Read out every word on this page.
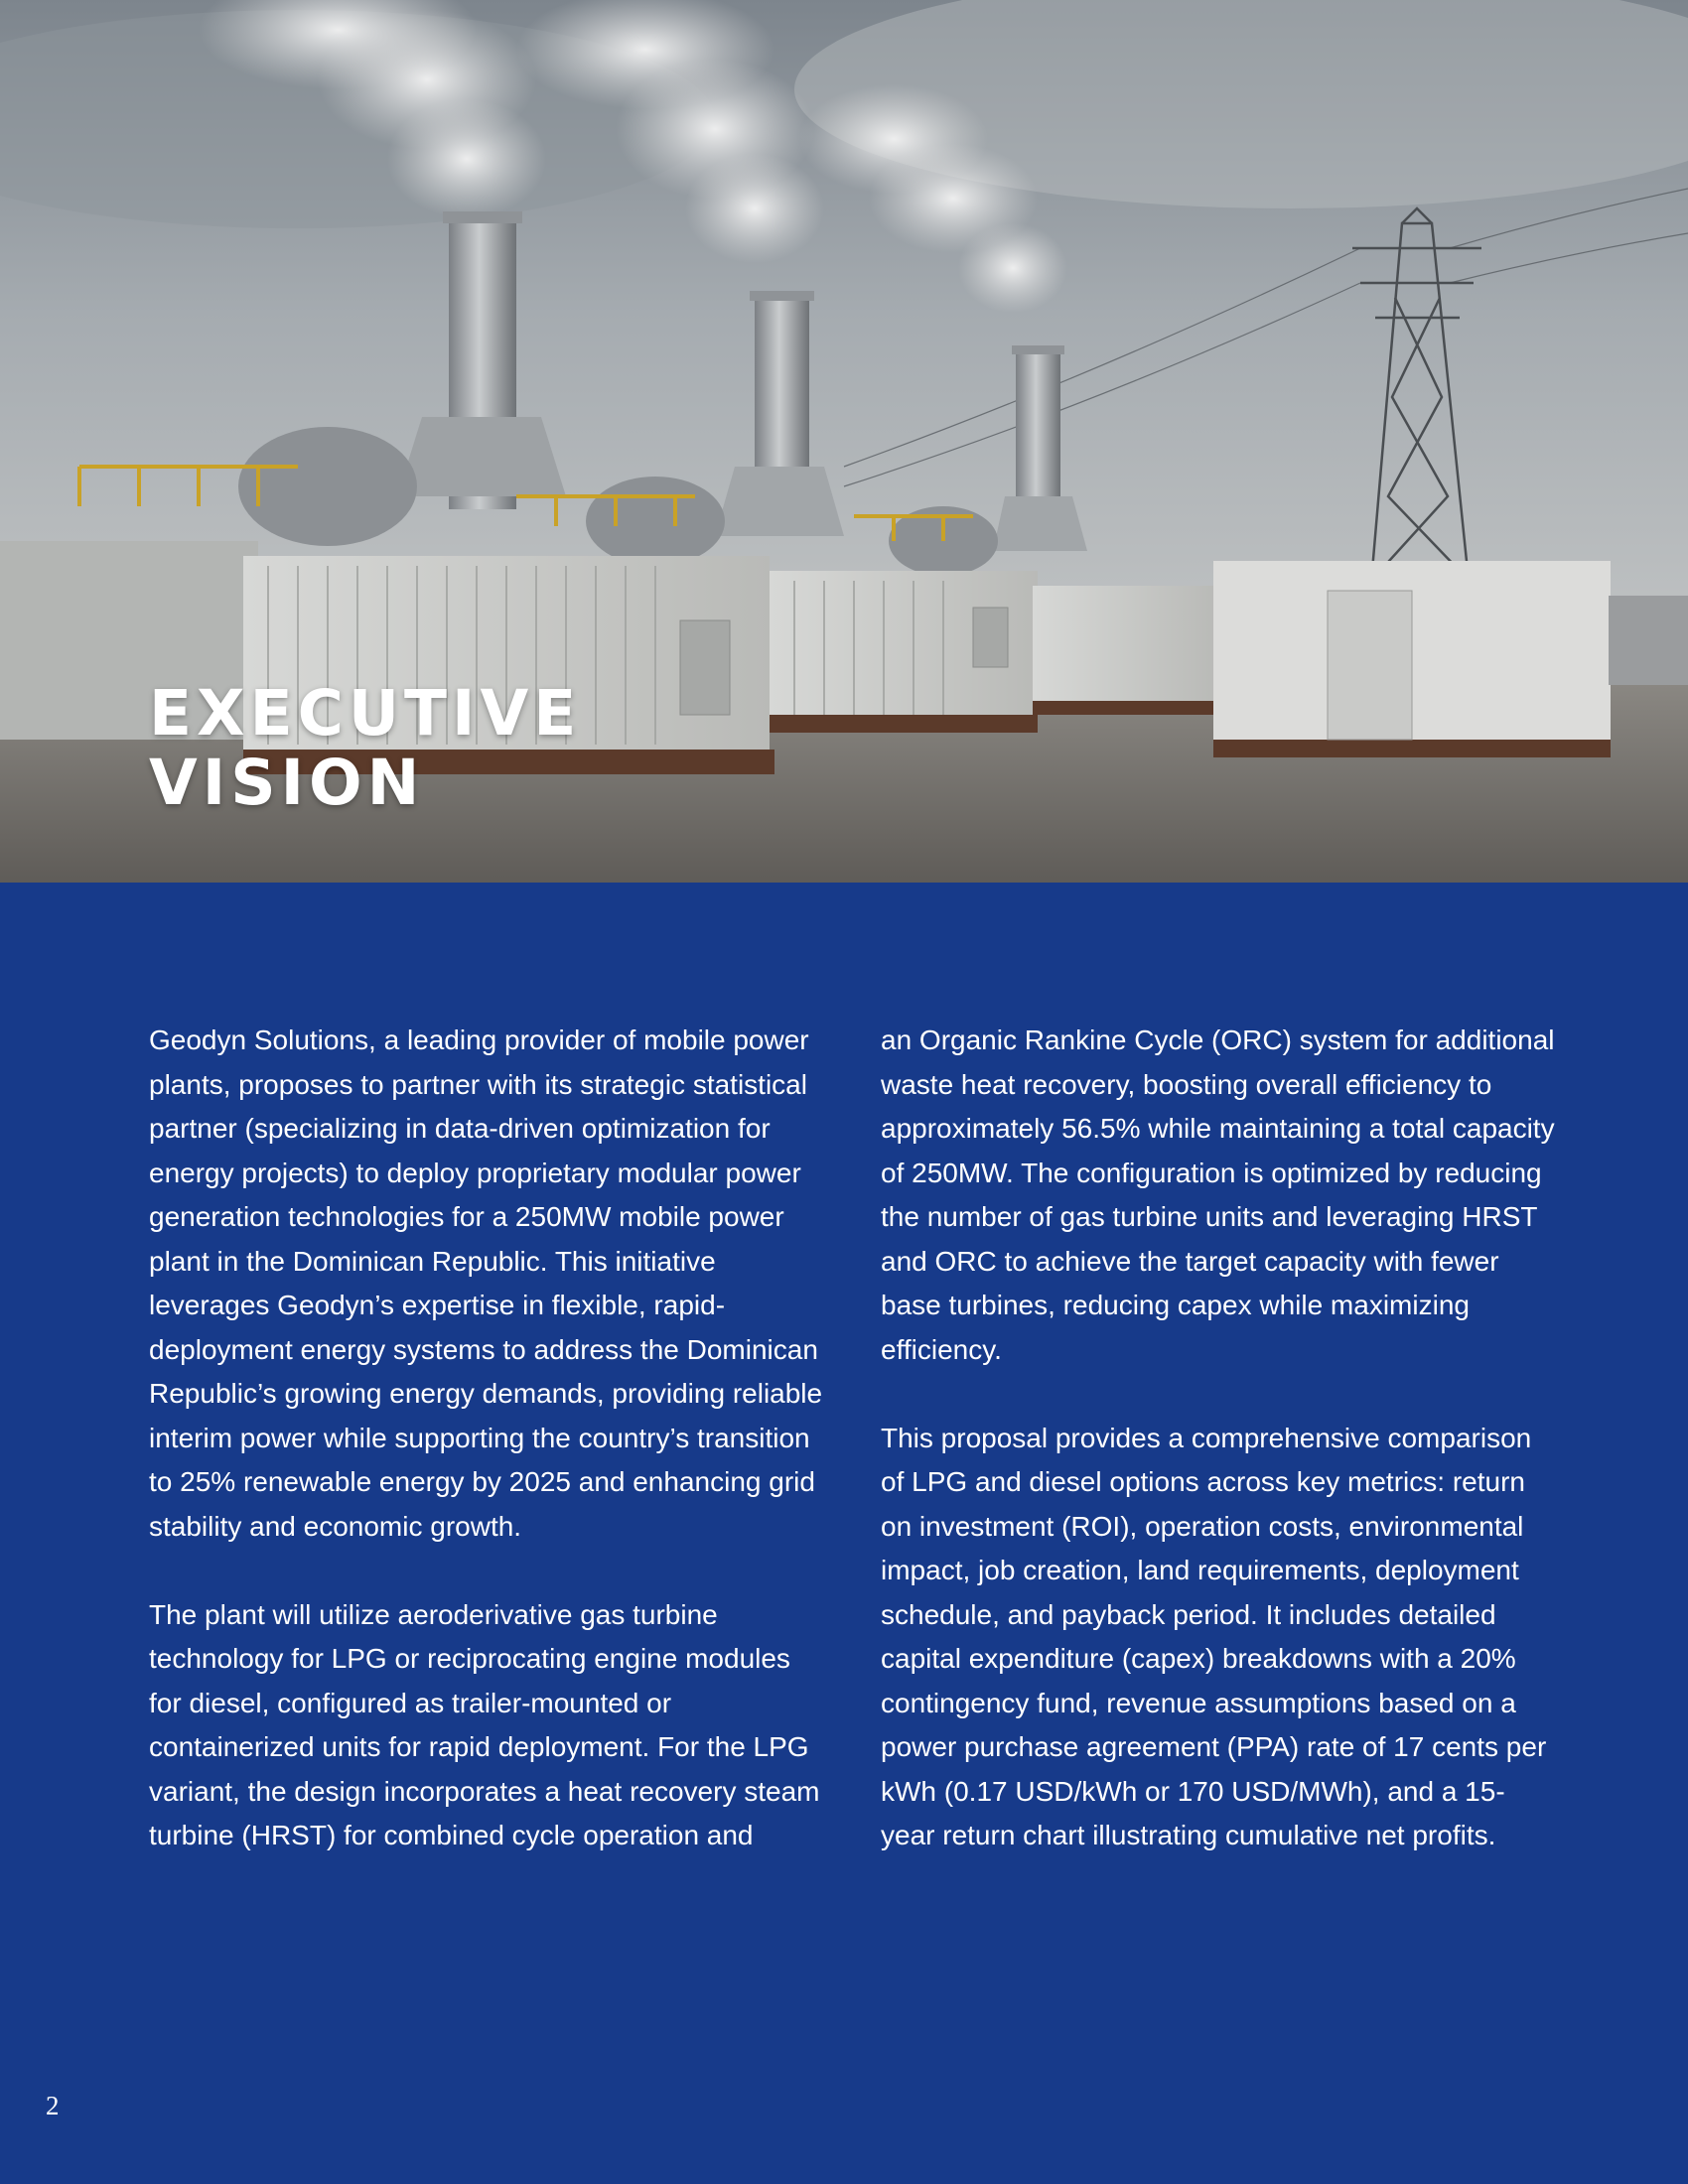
EXECUTIVE
VISION

Geodyn Solutions, a leading provider of mobile power plants, proposes to partner with its strategic statistical partner (specializing in data-driven optimization for energy projects) to deploy proprietary modular power generation technologies for a 250MW mobile power plant in the Dominican Republic. This initiative leverages Geodyn’s expertise in flexible, rapid-deployment energy systems to address the Dominican Republic’s growing energy demands, providing reliable interim power while supporting the country’s transition to 25% renewable energy by 2025 and enhancing grid stability and economic growth.

The plant will utilize aeroderivative gas turbine technology for LPG or reciprocating engine modules for diesel, configured as trailer-mounted or containerized units for rapid deployment. For the LPG variant, the design incorporates a heat recovery steam turbine (HRST) for combined cycle operation and

an Organic Rankine Cycle (ORC) system for additional waste heat recovery, boosting overall efficiency to approximately 56.5% while maintaining a total capacity of 250MW. The configuration is optimized by reducing the number of gas turbine units and leveraging HRST and ORC to achieve the target capacity with fewer base turbines, reducing capex while maximizing efficiency.

This proposal provides a comprehensive comparison of LPG and diesel options across key metrics: return on investment (ROI), operation costs, environmental impact, job creation, land requirements, deployment schedule, and payback period. It includes detailed capital expenditure (capex) breakdowns with a 20% contingency fund, revenue assumptions based on a power purchase agreement (PPA) rate of 17 cents per kWh (0.17 USD/kWh or 170 USD/MWh), and a 15-year return chart illustrating cumulative net profits.

2
